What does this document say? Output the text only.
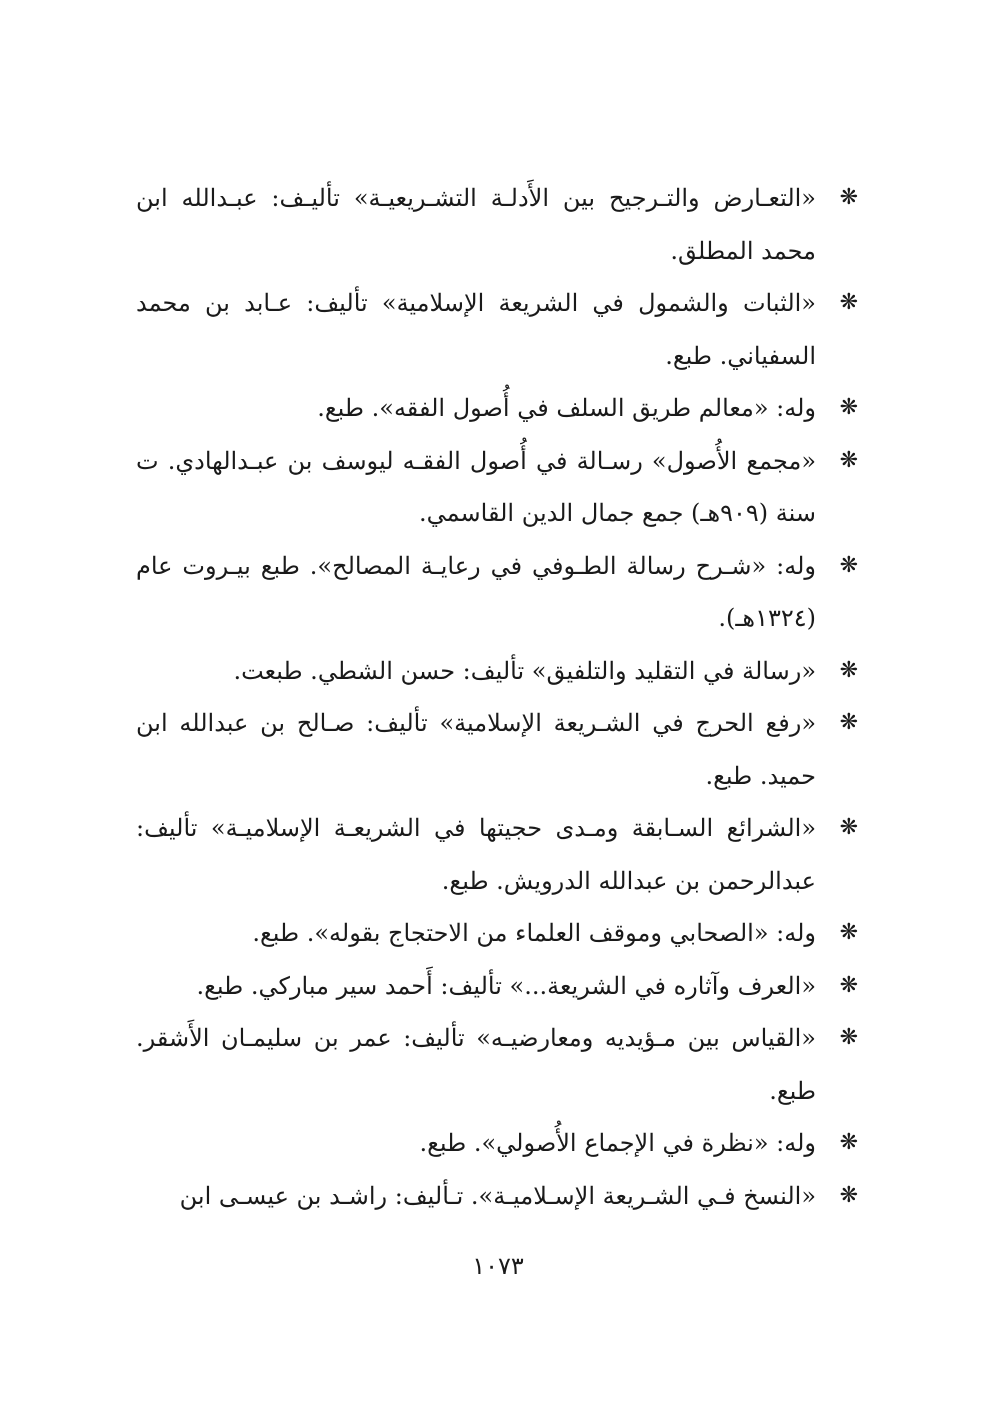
❋
«التعـارض والتـرجيح بين الأَدلـة التشـريعيـة» تأليـف: عبـدالله ابن محمد المطلق.
❋
«الثبات والشمول في الشريعة الإسلامية» تأليف: عـابد بن محمد السفياني. طبع.
❋
وله: «معالم طريق السلف في أُصول الفقه». طبع.
❋
«مجمع الأُصول» رسـالة في أُصول الفقـه ليوسف بن عبـدالهادي. ت سنة (٩٠٩هـ) جمع جمال الدين القاسمي.
❋
وله: «شـرح رسالة الطـوفي في رعايـة المصالح». طبع بيـروت عام (١٣٢٤هـ).
❋
«رسالة في التقليد والتلفيق» تأليف: حسن الشطي. طبعت.
❋
«رفع الحرج في الشـريعة الإسلامية» تأليف: صـالح بن عبدالله ابن حميد. طبع.
❋
«الشرائع السـابقة ومـدى حجيتها في الشريعـة الإسلاميـة» تأليف: عبدالرحمن بن عبدالله الدرويش. طبع.
❋
وله: «الصحابي وموقف العلماء من الاحتجاج بقوله». طبع.
❋
«العرف وآثاره في الشريعة...» تأليف: أَحمد سير مباركي. طبع.
❋
«القياس بين مـؤيديه ومعارضيـه» تأليف: عمر بن سليمـان الأَشقر. طبع.
❋
وله: «نظرة في الإجماع الأُصولي». طبع.
❋
«النسخ فـي الشـريعة الإسـلاميـة». تـأليف: راشـد بن عيسـى ابن
١٠٧٣
